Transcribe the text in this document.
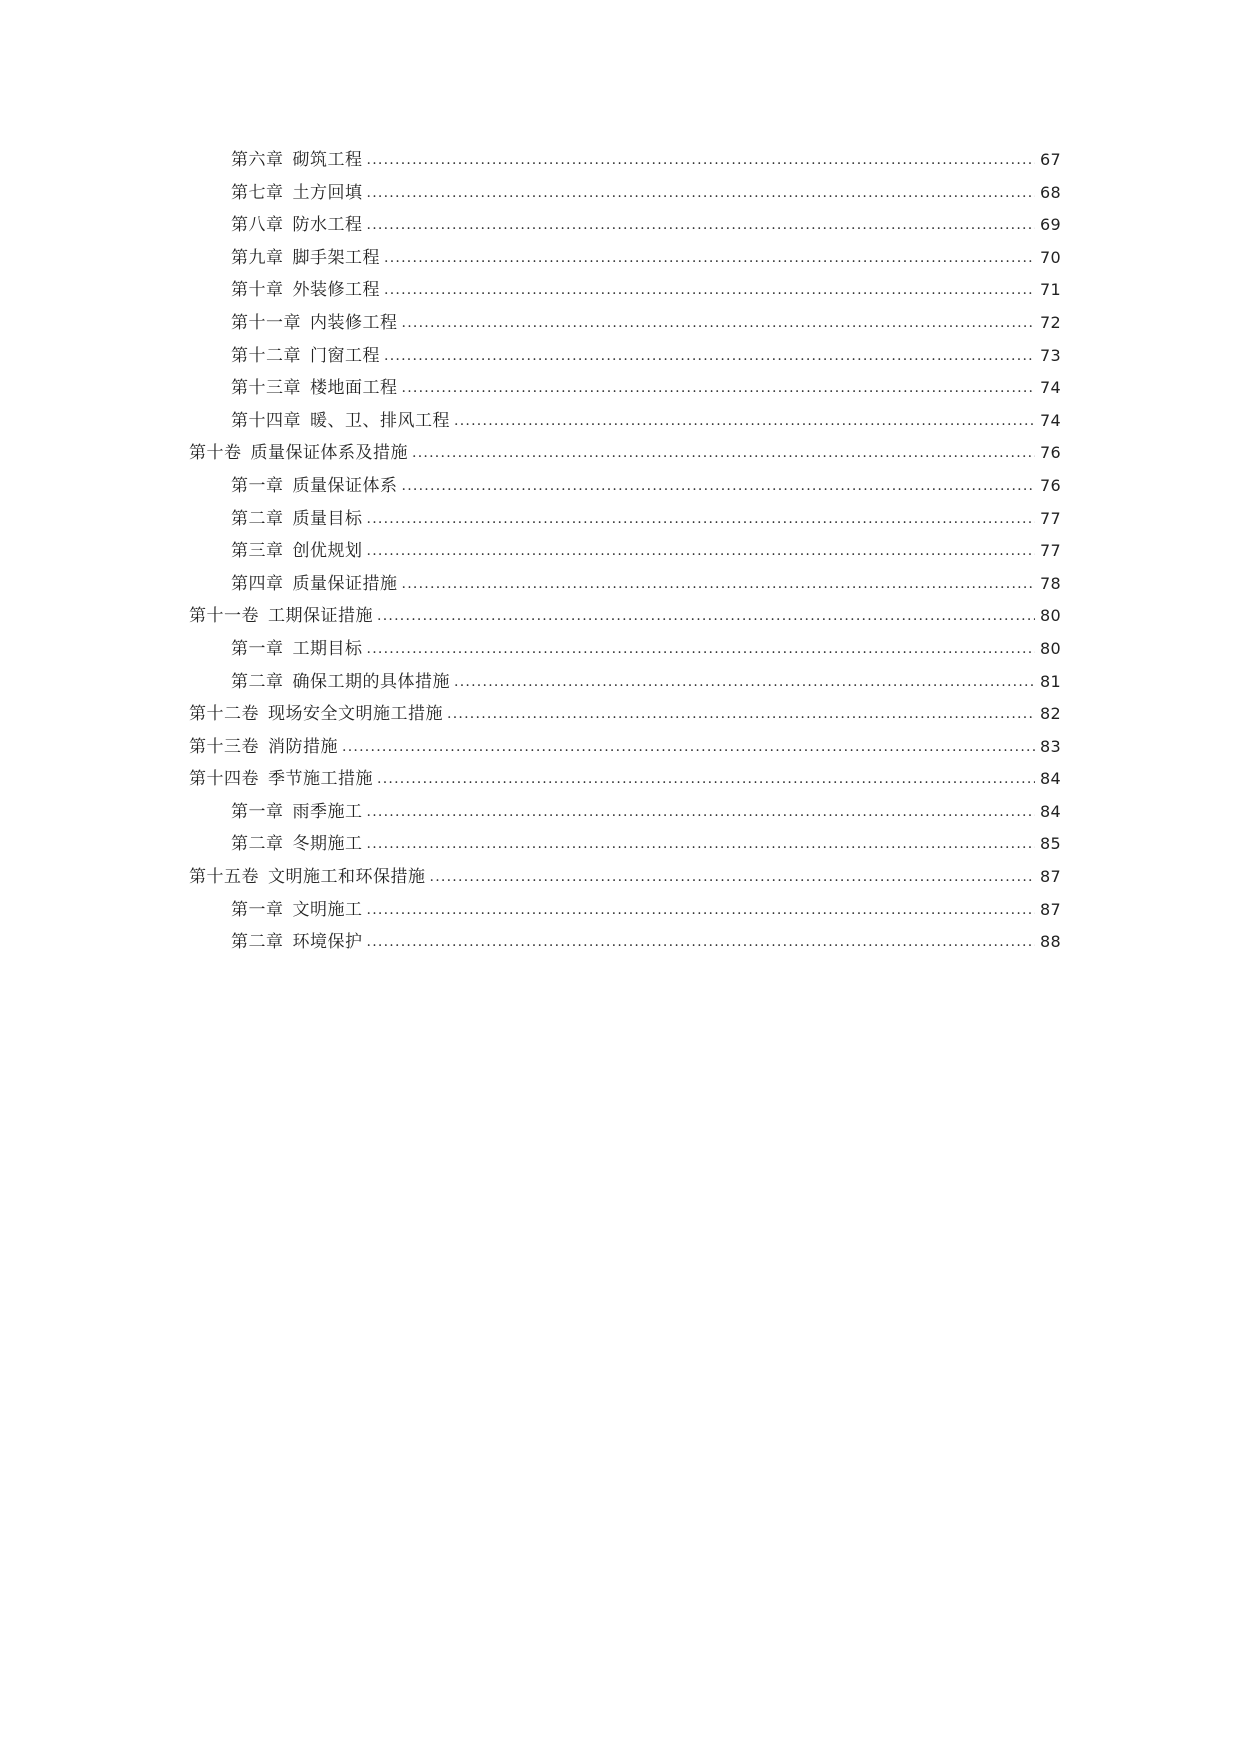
第六章 砌筑工程 . . .	67
第七章 土方回填 . . .	68
第八章 防水工程 . . .	69
第九章 脚手架工程 . . .	70
第十章 外装修工程 . . .	71
第十一章 内装修工程 . . .	72
第十二章 门窗工程 . . .	73
第十三章 楼地面工程 . . .	74
第十四章 暖、卫、排风工程 . . .	74
第十卷 质量保证体系及措施 . . .	76
第一章 质量保证体系 . . .	76
第二章 质量目标 . . .	77
第三章 创优规划 . . .	77
第四章 质量保证措施 . . .	78
第十一卷 工期保证措施 . . .	80
第一章 工期目标 . . .	80
第二章 确保工期的具体措施 . . .	81
第十二卷 现场安全文明施工措施 . . .	82
第十三卷 消防措施 . . .	83
第十四卷 季节施工措施 . . .	84
第一章 雨季施工 . . .	84
第二章 冬期施工 . . .	85
第十五卷 文明施工和环保措施 . . .	87
第一章 文明施工 . . .	87
第二章 环境保护 . . .	88
